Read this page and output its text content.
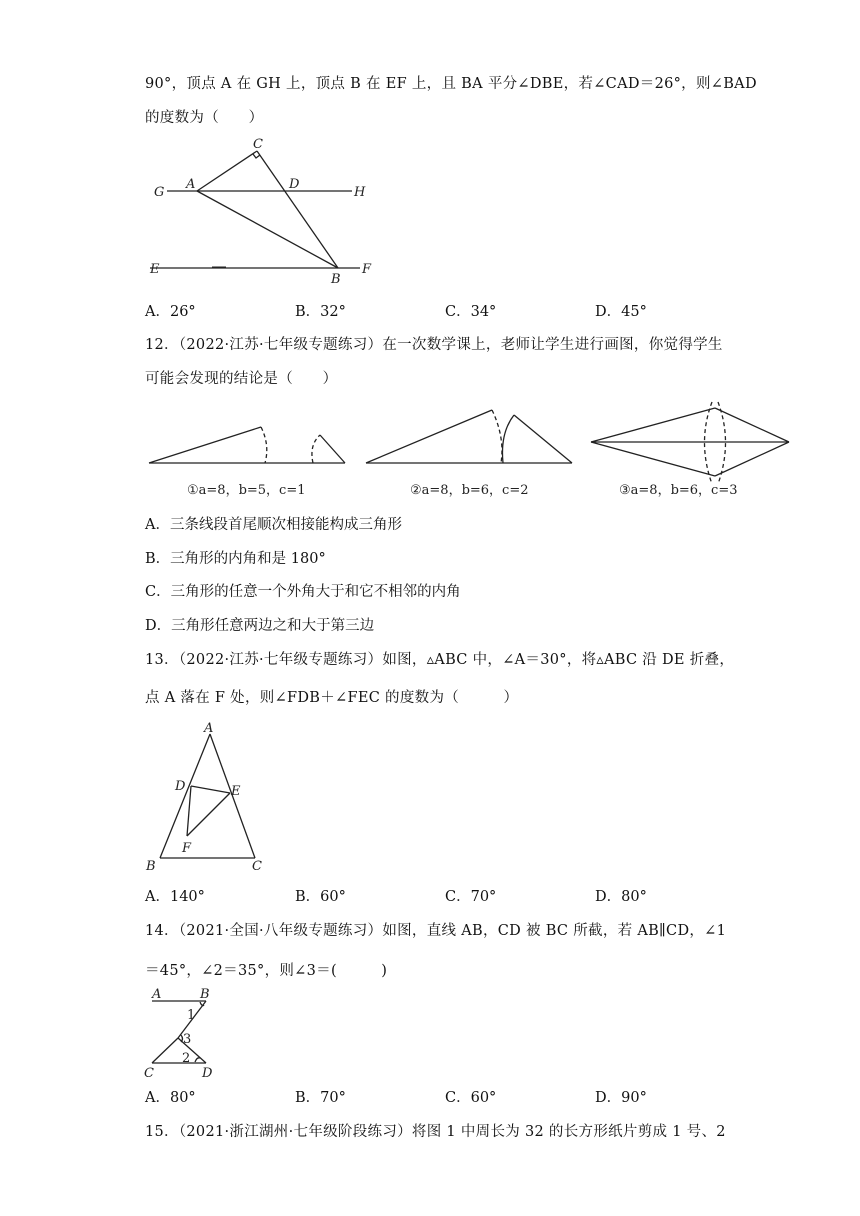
90°，顶点 A 在 GH 上，顶点 B 在 EF 上，且 BA 平分∠DBE，若∠CAD＝26°，则∠BAD
的度数为（　　）
C
G
A	D
H
E
B
F
A．26°	B．32°	C．34°	D．45°
12．（2022·江苏·七年级专题练习）在一次数学课上，老师让学生进行画图，你觉得学生
可能会发现的结论是（　　）
①a=8，b=5，c=1	②a=8，b=6，c=2	③a=8，b=6，c=3
A．三条线段首尾顺次相接能构成三角形
B．三角形的内角和是 180°
C．三角形的任意一个外角大于和它不相邻的内角
D．三角形任意两边之和大于第三边
13．（2022·江苏·七年级专题练习）如图，▵ABC 中，∠A＝30°，将▵ABC 沿 DE 折叠，
点 A 落在 F 处，则∠FDB＋∠FEC 的度数为（　　　）
A
D	E
F
B	C
A．140°	B．60°	C．70°	D．80°
14．（2021·全国·八年级专题练习）如图，直线 AB，CD 被 BC 所截，若 AB∥CD，∠1
＝45°，∠2＝35°，则∠3＝(　　　)
A	B
1
3
2
C	D
A．80°	B．70°	C．60°	D．90°
15．（2021·浙江湖州·七年级阶段练习）将图 1 中周长为 32 的长方形纸片剪成 1 号、2
